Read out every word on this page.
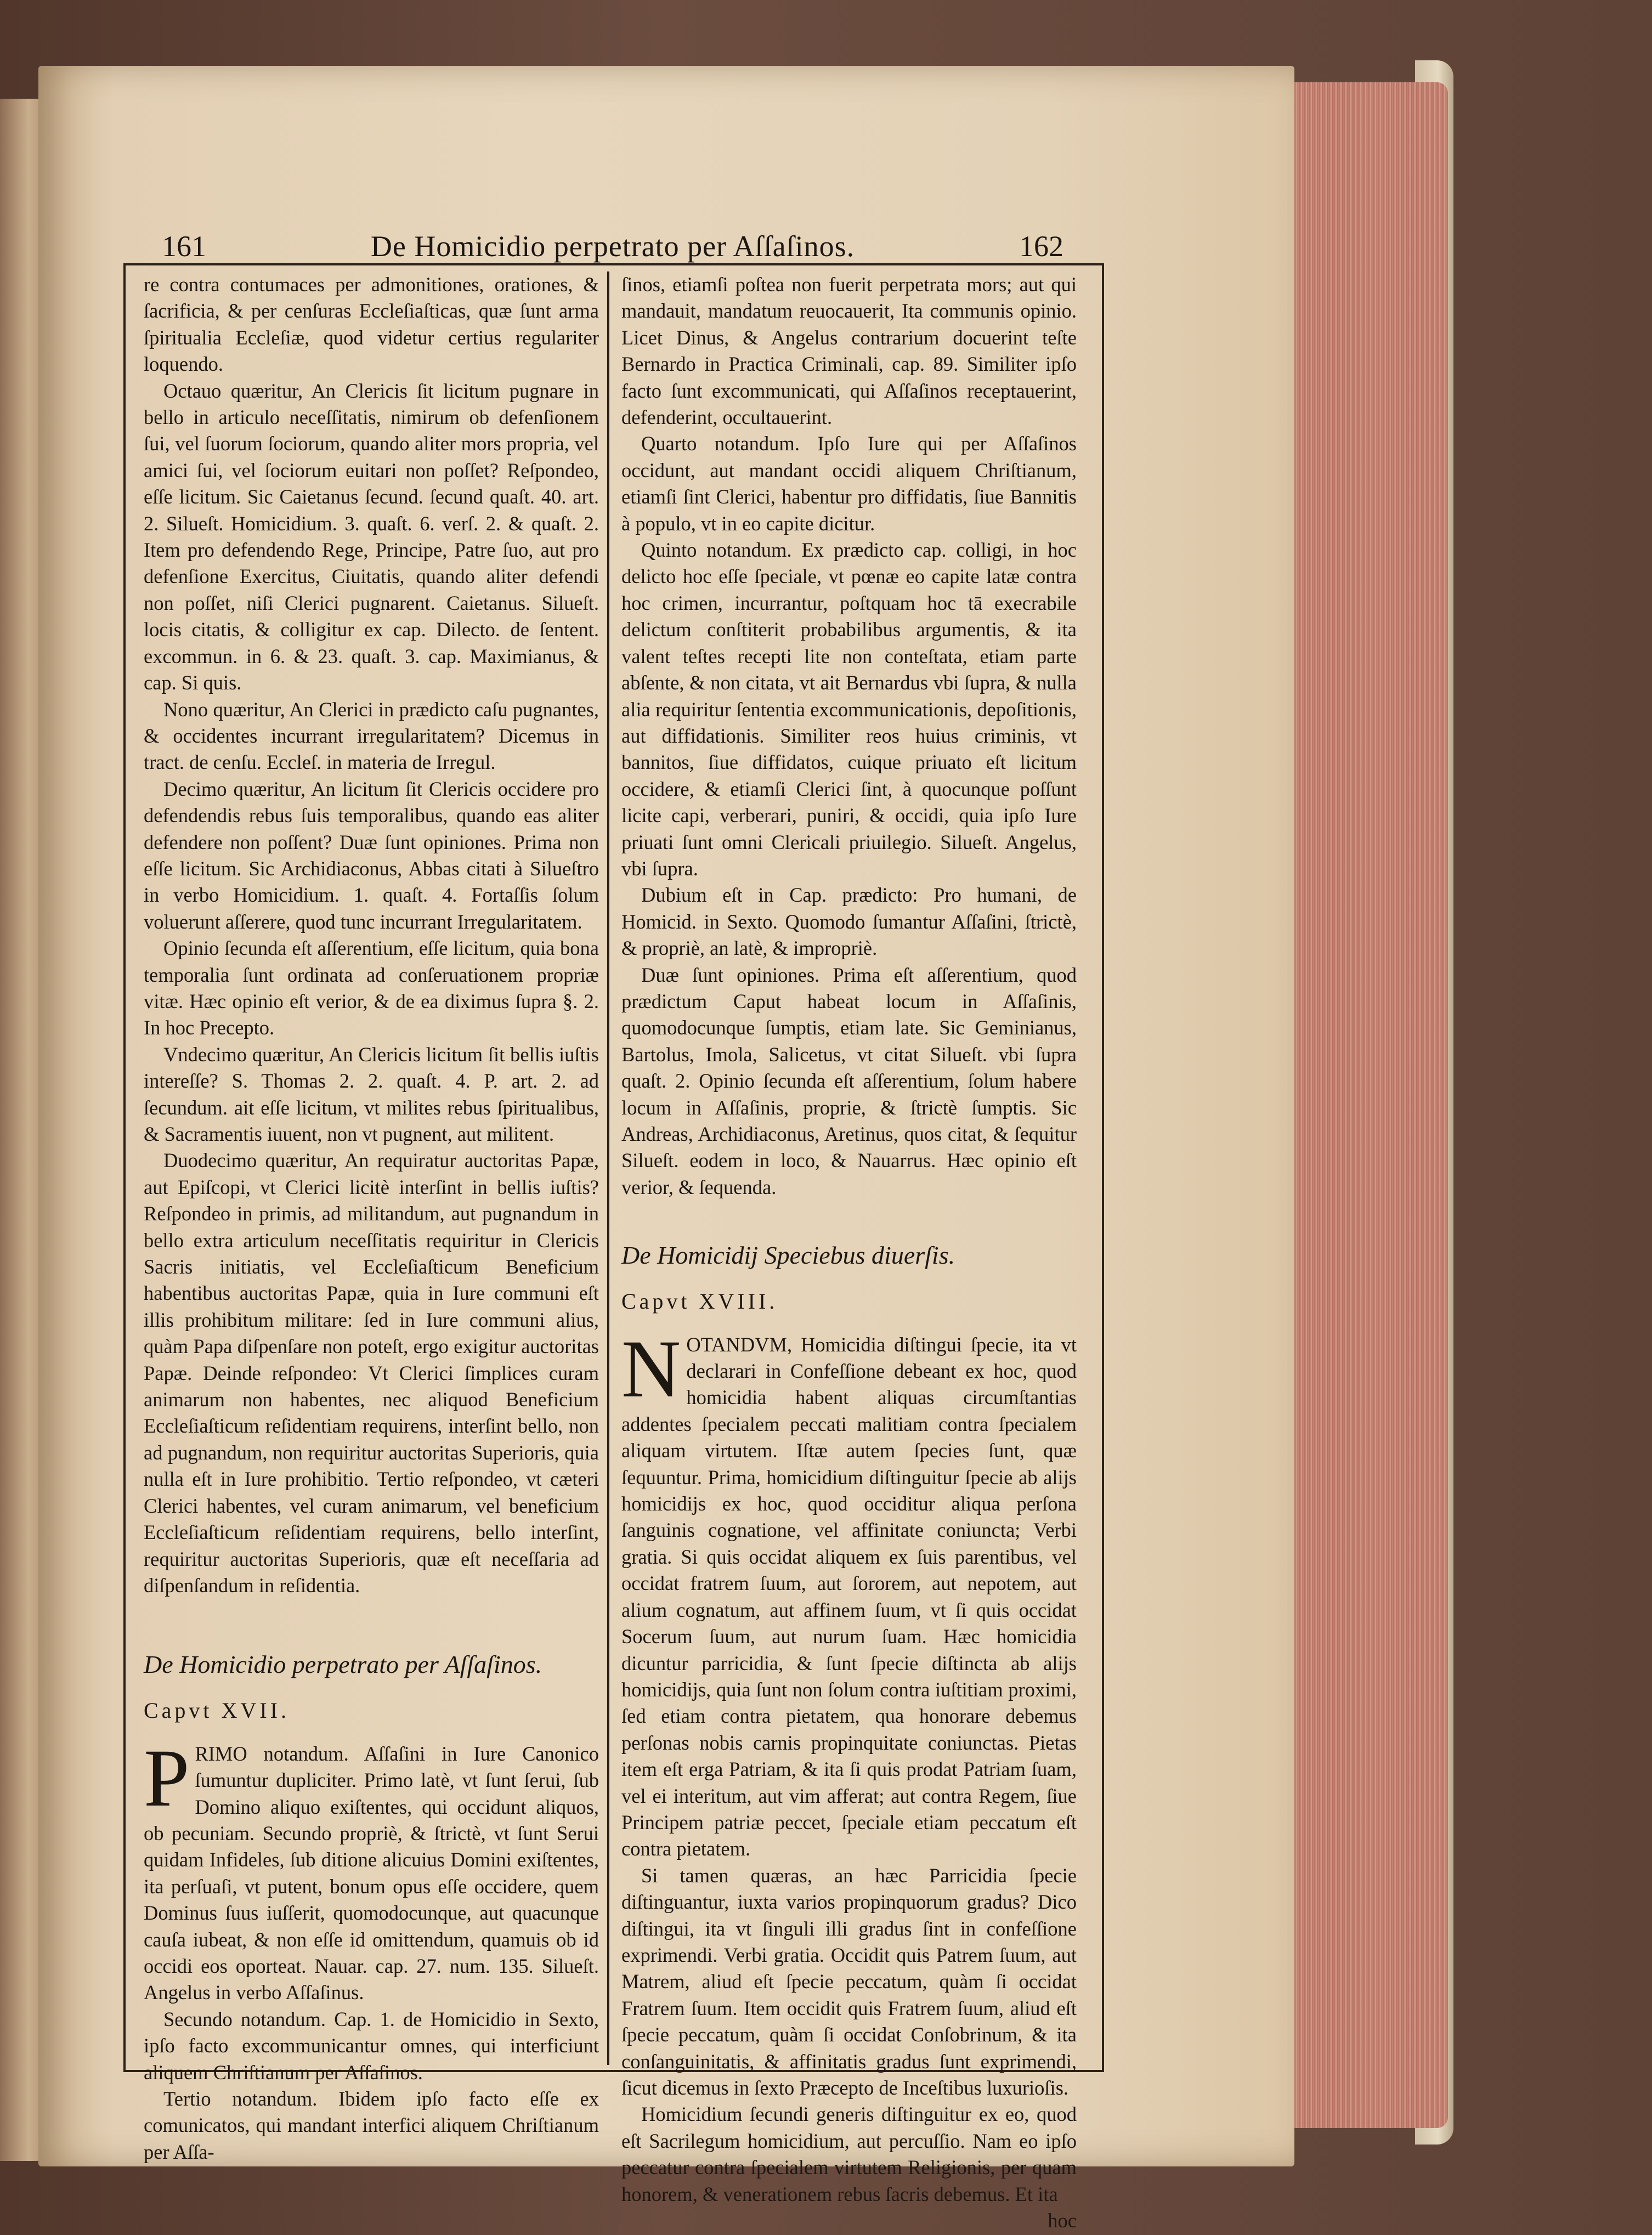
161	De Homicidio perpetrato per Aſſaſinos.	162

re contra contumaces per admonitiones, orationes, & ſacrificia, & per cenſuras Eccleſiaſticas, quæ ſunt arma ſpiritualia Eccleſiæ, quod videtur certius regulariter loquendo.

Octauo quæritur, An Clericis ſit licitum pugnare in bello in articulo neceſſitatis, nimirum ob defenſionem ſui, vel ſuorum ſociorum, quando aliter mors propria, vel amici ſui, vel ſociorum euitari non poſſet? Reſpondeo, eſſe licitum. Sic Caietanus ſecund. ſecund quaſt. 40. art. 2. Silueſt. Homicidium. 3. quaſt. 6. verſ. 2. & quaſt. 2. Item pro defendendo Rege, Principe, Patre ſuo, aut pro defenſione Exercitus, Ciuitatis, quando aliter defendi non poſſet, niſi Clerici pugnarent. Caietanus. Silueſt. locis citatis, & colligitur ex cap. Dilecto. de ſentent. excommun. in 6. & 23. quaſt. 3. cap. Maximianus, & cap. Si quis.

Nono quæritur, An Clerici in prædicto caſu pugnantes, & occidentes incurrant irregularitatem? Dicemus in tract. de cenſu. Eccleſ. in materia de Irregul.

Decimo quæritur, An licitum ſit Clericis occidere pro defendendis rebus ſuis temporalibus, quando eas aliter defendere non poſſent? Duæ ſunt opiniones. Prima non eſſe licitum. Sic Archidiaconus, Abbas citati à Silueſtro in verbo Homicidium. 1. quaſt. 4. Fortaſſis ſolum voluerunt aſſerere, quod tunc incurrant Irregularitatem.

Opinio ſecunda eſt aſſerentium, eſſe licitum, quia bona temporalia ſunt ordinata ad conſeruationem propriæ vitæ. Hæc opinio eſt verior, & de ea diximus ſupra §. 2. In hoc Precepto.

Vndecimo quæritur, An Clericis licitum ſit bellis iuſtis intereſſe? S. Thomas 2. 2. quaſt. 4. P. art. 2. ad ſecundum. ait eſſe licitum, vt milites rebus ſpiritualibus, & Sacramentis iuuent, non vt pugnent, aut militent.

Duodecimo quæritur, An requiratur auctoritas Papæ, aut Epiſcopi, vt Clerici licitè interſint in bellis iuſtis? Reſpondeo in primis, ad militandum, aut pugnandum in bello extra articulum neceſſitatis requiritur in Clericis Sacris initiatis, vel Eccleſiaſticum Beneficium habentibus auctoritas Papæ, quia in Iure communi eſt illis prohibitum militare: ſed in Iure communi alius, quàm Papa diſpenſare non poteſt, ergo exigitur auctoritas Papæ. Deinde reſpondeo: Vt Clerici ſimplices curam animarum non habentes, nec aliquod Beneficium Eccleſiaſticum reſidentiam requirens, interſint bello, non ad pugnandum, non requiritur auctoritas Superioris, quia nulla eſt in Iure prohibitio. Tertio reſpondeo, vt cæteri Clerici habentes, vel curam animarum, vel beneficium Eccleſiaſticum reſidentiam requirens, bello interſint, requiritur auctoritas Superioris, quæ eſt neceſſaria ad diſpenſandum in reſidentia.

De Homicidio perpetrato per Aſſaſinos.

Capvt XVII.

PRIMO notandum. Aſſaſini in Iure Canonico ſumuntur dupliciter. Primo latè, vt ſunt ſerui, ſub Domino aliquo exiſtentes, qui occidunt aliquos, ob pecuniam. Secundo propriè, & ſtrictè, vt ſunt Serui quidam Infideles, ſub ditione alicuius Domini exiſtentes, ita perſuaſi, vt putent, bonum opus eſſe occidere, quem Dominus ſuus iuſſerit, quomodocunque, aut quacunque cauſa iubeat, & non eſſe id omittendum, quamuis ob id occidi eos oporteat. Nauar. cap. 27. num. 135. Silueſt. Angelus in verbo Aſſaſinus.

Secundo notandum. Cap. 1. de Homicidio in Sexto, ipſo facto excommunicantur omnes, qui interficiunt aliquem Chriſtianum per Aſſaſinos.

Tertio notandum. Ibidem ipſo facto eſſe ex comunicatos, qui mandant interfici aliquem Chriſtianum per Aſſa-

ſinos, etiamſi poſtea non fuerit perpetrata mors; aut qui mandauit, mandatum reuocauerit, Ita communis opinio. Licet Dinus, & Angelus contrarium docuerint teſte Bernardo in Practica Criminali, cap. 89. Similiter ipſo facto ſunt excommunicati, qui Aſſaſinos receptauerint, defenderint, occultauerint.

Quarto notandum. Ipſo Iure qui per Aſſaſinos occidunt, aut mandant occidi aliquem Chriſtianum, etiamſi ſint Clerici, habentur pro diffidatis, ſiue Bannitis à populo, vt in eo capite dicitur.

Quinto notandum. Ex prædicto cap. colligi, in hoc delicto hoc eſſe ſpeciale, vt pœnæ eo capite latæ contra hoc crimen, incurrantur, poſtquam hoc tā execrabile delictum conſtiterit probabilibus argumentis, & ita valent teſtes recepti lite non conteſtata, etiam parte abſente, & non citata, vt ait Bernardus vbi ſupra, & nulla alia requiritur ſententia excommunicationis, depoſitionis, aut diffidationis. Similiter reos huius criminis, vt bannitos, ſiue diffidatos, cuique priuato eſt licitum occidere, & etiamſi Clerici ſint, à quocunque poſſunt licite capi, verberari, puniri, & occidi, quia ipſo Iure priuati ſunt omni Clericali priuilegio. Silueſt. Angelus, vbi ſupra.

Dubium eſt in Cap. prædicto: Pro humani, de Homicid. in Sexto. Quomodo ſumantur Aſſaſini, ſtrictè, & propriè, an latè, & impropriè.

Duæ ſunt opiniones. Prima eſt aſſerentium, quod prædictum Caput habeat locum in Aſſaſinis, quomodocunque ſumptis, etiam late. Sic Geminianus, Bartolus, Imola, Salicetus, vt citat Silueſt. vbi ſupra quaſt. 2. Opinio ſecunda eſt aſſerentium, ſolum habere locum in Aſſaſinis, proprie, & ſtrictè ſumptis. Sic Andreas, Archidiaconus, Aretinus, quos citat, & ſequitur Silueſt. eodem in loco, & Nauarrus. Hæc opinio eſt verior, & ſequenda.

De Homicidij Speciebus diuerſis.

Capvt XVIII.

NOTANDVM, Homicidia diſtingui ſpecie, ita vt declarari in Confeſſione debeant ex hoc, quod homicidia habent aliquas circumſtantias addentes ſpecialem peccati malitiam contra ſpecialem aliquam virtutem. Iſtæ autem ſpecies ſunt, quæ ſequuntur. Prima, homicidium diſtinguitur ſpecie ab alijs homicidijs ex hoc, quod occiditur aliqua perſona ſanguinis cognatione, vel affinitate coniuncta; Verbi gratia. Si quis occidat aliquem ex ſuis parentibus, vel occidat fratrem ſuum, aut ſororem, aut nepotem, aut alium cognatum, aut affinem ſuum, vt ſi quis occidat Socerum ſuum, aut nurum ſuam. Hæc homicidia dicuntur parricidia, & ſunt ſpecie diſtincta ab alijs homicidijs, quia ſunt non ſolum contra iuſtitiam proximi, ſed etiam contra pietatem, qua honorare debemus perſonas nobis carnis propinquitate coniunctas. Pietas item eſt erga Patriam, & ita ſi quis prodat Patriam ſuam, vel ei interitum, aut vim afferat; aut contra Regem, ſiue Principem patriæ peccet, ſpeciale etiam peccatum eſt contra pietatem.

Si tamen quæras, an hæc Parricidia ſpecie diſtinguantur, iuxta varios propinquorum gradus? Dico diſtingui, ita vt ſinguli illi gradus ſint in confeſſione exprimendi. Verbi gratia. Occidit quis Patrem ſuum, aut Matrem, aliud eſt ſpecie peccatum, quàm ſi occidat Fratrem ſuum. Item occidit quis Fratrem ſuum, aliud eſt ſpecie peccatum, quàm ſi occidat Conſobrinum, & ita conſanguinitatis, & affinitatis gradus ſunt exprimendi, ſicut dicemus in ſexto Præcepto de Inceſtibus luxurioſis.

Homicidium ſecundi generis diſtinguitur ex eo, quod eſt Sacrilegum homicidium, aut percuſſio. Nam eo ipſo peccatur contra ſpecialem virtutem Religionis, per quam honorem, & venerationem rebus ſacris debemus. Et ita

hoc
